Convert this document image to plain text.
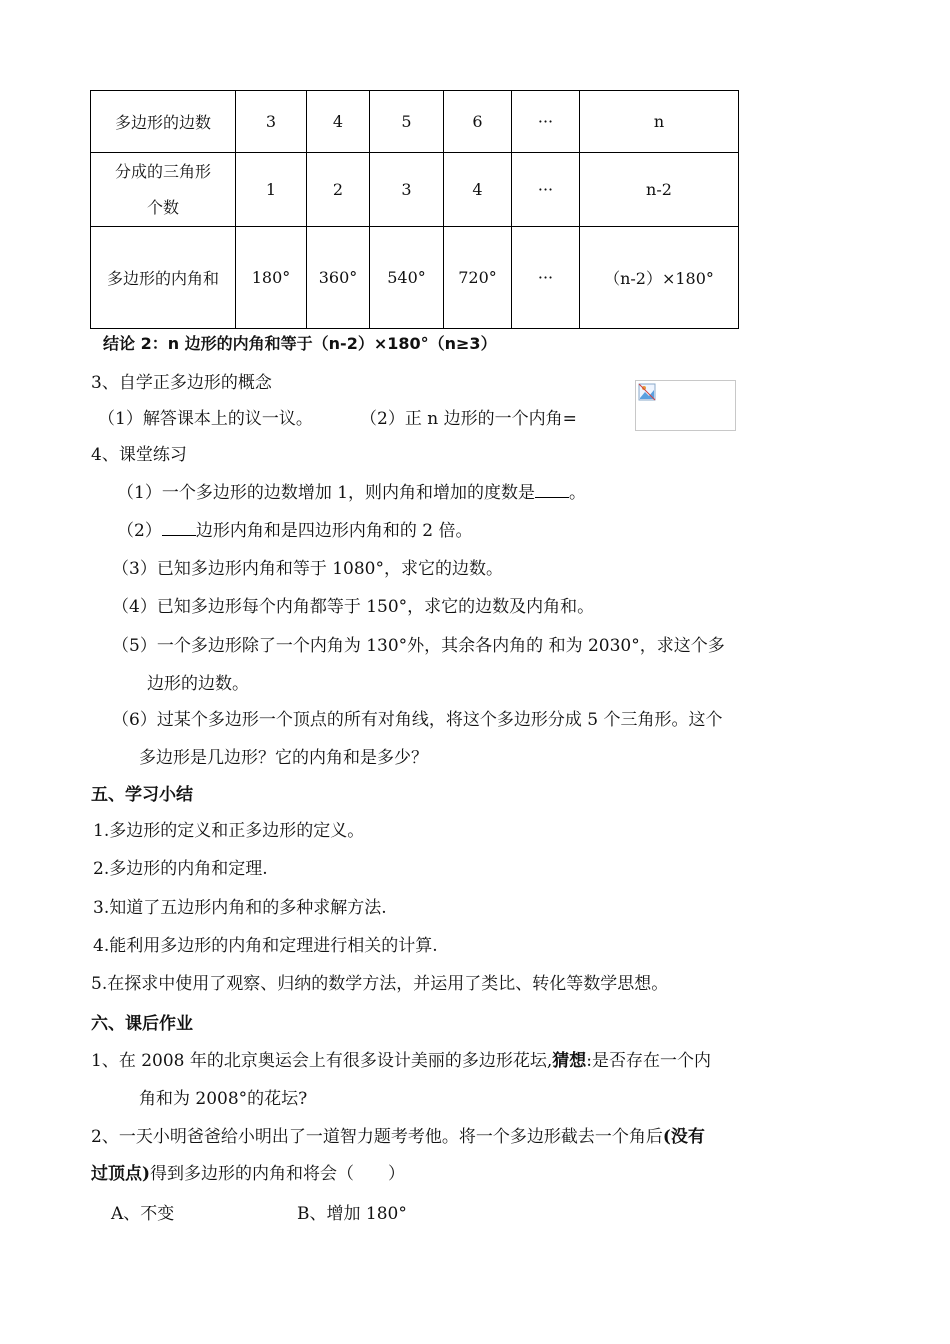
多边形的边数	3	4	5	6	···	n

分成的三角形
个数	1	2	3	4	···	n-2
多边形的内角和	180°	360°	540°	720°	···	（n-2）×180°
结论 2：n 边形的内角和等于（n-2）×180°（n≥3）
3、自学正多边形的概念
（1）解答课本上的议一议。	（2）正 n 边形的一个内角=
4、课堂练习
（1）一个多边形的边数增加 1，则内角和增加的度数是 。
（2） 边形内角和是四边形内角和的 2 倍。
（3）已知多边形内角和等于 1080°，求它的边数。
（4）已知多边形每个内角都等于 150°，求它的边数及内角和。
（5）一个多边形除了一个内角为 130°外，其余各内角的 和为 2030°，求这个多
边形的边数。
（6）过某个多边形一个顶点的所有对角线，将这个多边形分成 5 个三角形。这个
多边形是几边形？它的内角和是多少？
五、学习小结
1.多边形的定义和正多边形的定义。
2.多边形的内角和定理.
3.知道了五边形内角和的多种求解方法.
4.能利用多边形的内角和定理进行相关的计算.
5.在探求中使用了观察、归纳的数学方法，并运用了类比、转化等数学思想。
六、课后作业
1、在 2008 年的北京奥运会上有很多设计美丽的多边形花坛,猜想:是否存在一个内
角和为 2008°的花坛?
2、一天小明爸爸给小明出了一道智力题考考他。将一个多边形截去一个角后(没有
过顶点)得到多边形的内角和将会（　　）
A、不变	B、增加 180°
